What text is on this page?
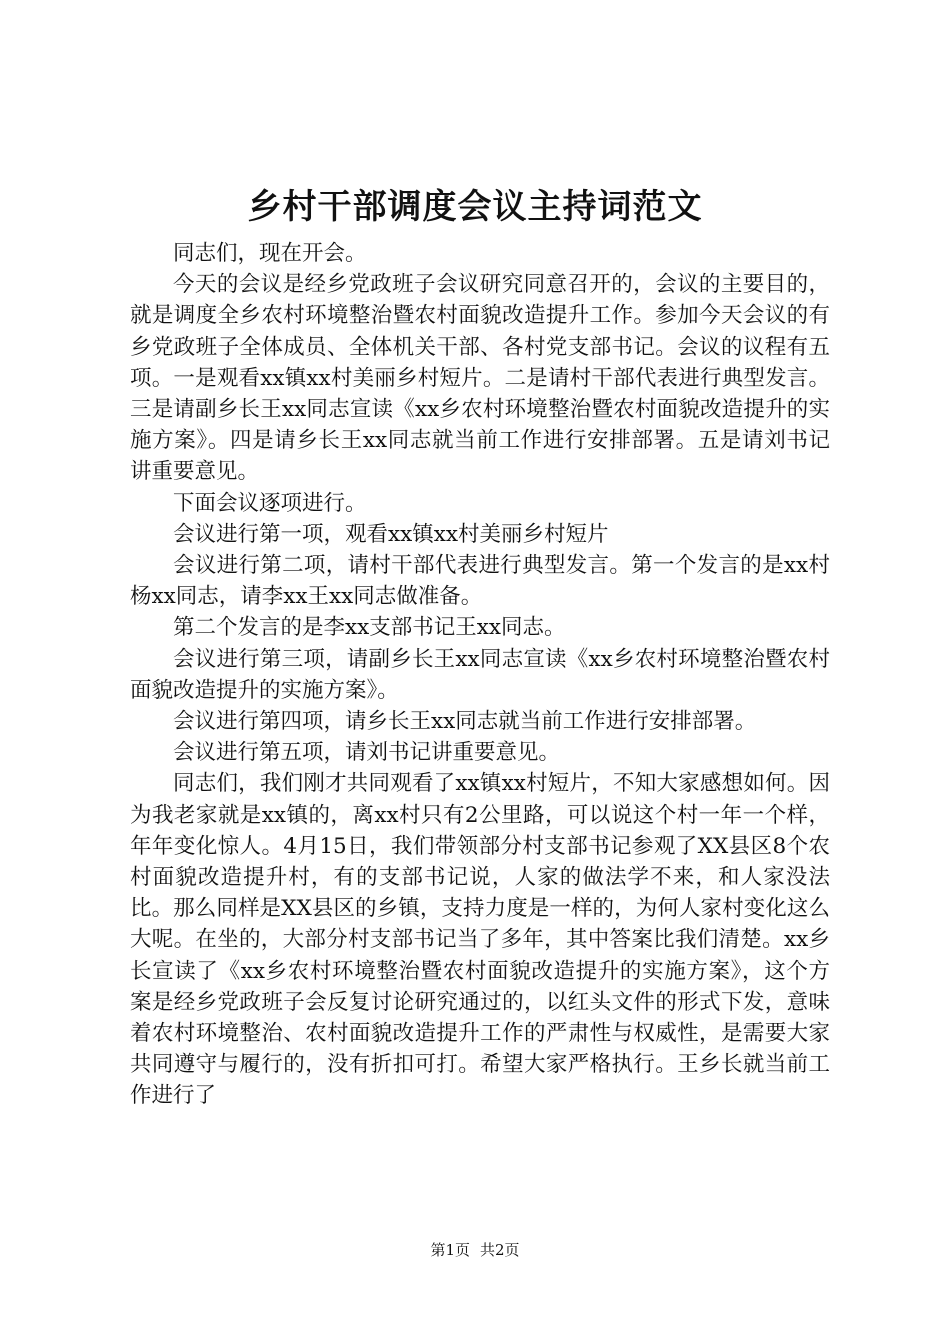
乡村干部调度会议主持词范文

同志们，现在开会。

今天的会议是经乡党政班子会议研究同意召开的，会议的主要目的，就是调度全乡农村环境整治暨农村面貌改造提升工作。参加今天会议的有乡党政班子全体成员、全体机关干部、各村党支部书记。会议的议程有五项。一是观看xx镇xx村美丽乡村短片。二是请村干部代表进行典型发言。三是请副乡长王xx同志宣读《xx乡农村环境整治暨农村面貌改造提升的实施方案》。四是请乡长王xx同志就当前工作进行安排部署。五是请刘书记讲重要意见。

下面会议逐项进行。

会议进行第一项，观看xx镇xx村美丽乡村短片

会议进行第二项，请村干部代表进行典型发言。第一个发言的是xx村杨xx同志，请李xx王xx同志做准备。

第二个发言的是李xx支部书记王xx同志。

会议进行第三项，请副乡长王xx同志宣读《xx乡农村环境整治暨农村面貌改造提升的实施方案》。

会议进行第四项，请乡长王xx同志就当前工作进行安排部署。

会议进行第五项，请刘书记讲重要意见。

同志们，我们刚才共同观看了xx镇xx村短片，不知大家感想如何。因为我老家就是xx镇的，离xx村只有2公里路，可以说这个村一年一个样，年年变化惊人。4月15日，我们带领部分村支部书记参观了XX县区8个农村面貌改造提升村，有的支部书记说，人家的做法学不来，和人家没法比。那么同样是XX县区的乡镇，支持力度是一样的，为何人家村变化这么大呢。在坐的，大部分村支部书记当了多年，其中答案比我们清楚。xx乡长宣读了《xx乡农村环境整治暨农村面貌改造提升的实施方案》，这个方案是经乡党政班子会反复讨论研究通过的，以红头文件的形式下发，意味着农村环境整治、农村面貌改造提升工作的严肃性与权威性，是需要大家共同遵守与履行的，没有折扣可打。希望大家严格执行。王乡长就当前工作进行了

第1页 共2页
